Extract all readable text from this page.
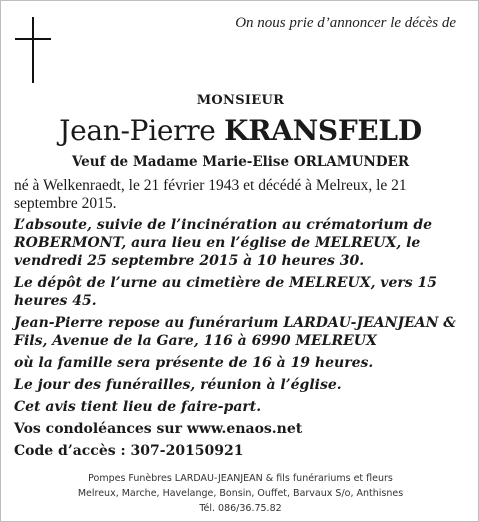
On nous prie d’annoncer le décès de
MONSIEUR
Jean-Pierre KRANSFELD
Veuf de Madame Marie-Elise ORLAMUNDER

né à Welkenraedt, le 21 février 1943 et décédé à Melreux, le 21 septembre 2015.

L’absoute, suivie de l’incinération au crématorium de ROBERMONT, aura lieu en l’église de MELREUX, le vendredi 25 septembre 2015 à 10 heures 30.

Le dépôt de l’urne au cimetière de MELREUX, vers 15 heures 45.

Jean-Pierre repose au funérarium LARDAU-JEANJEAN & Fils, Avenue de la Gare, 116 à 6990 MELREUX

où la famille sera présente de 16 à 19 heures.

Le jour des funérailles, réunion à l’église.

Cet avis tient lieu de faire-part.

Vos condoléances sur www.enaos.net

Code d’accès : 307-20150921

Pompes Funèbres LARDAU-JEANJEAN & fils funérariums et fleurs
Melreux, Marche, Havelange, Bonsin, Ouffet, Barvaux S/o, Anthisnes
Tél. 086/36.75.82
